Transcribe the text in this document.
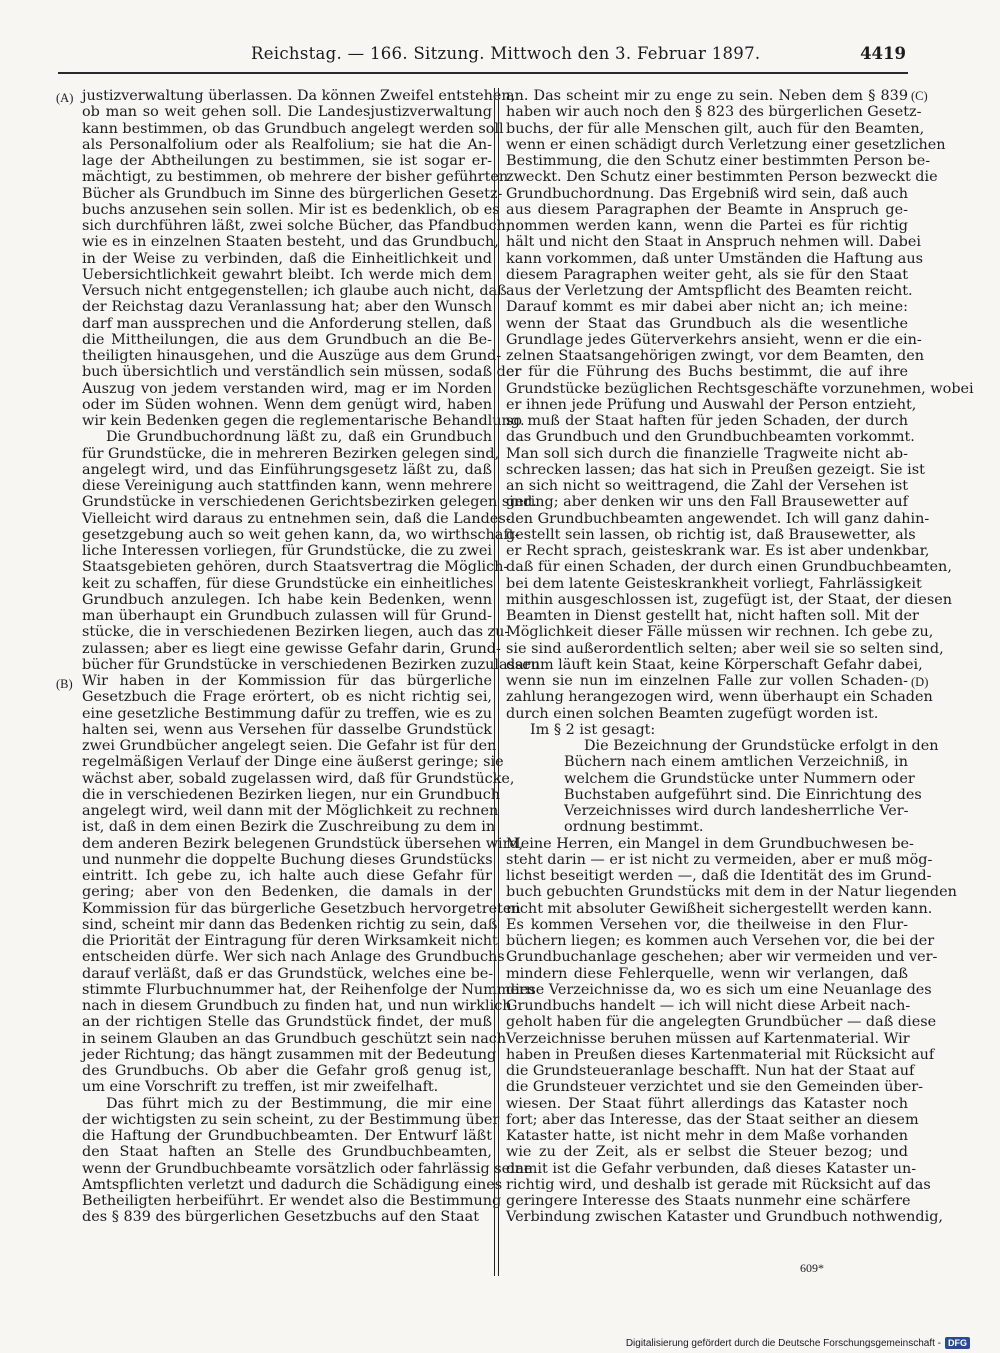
Reichstag. — 166. Sitzung. Mittwoch den 3. Februar 1897.	4419
(A)
(B)
(C)
(D)
justizverwaltung überlassen. Da können Zweifel entstehen,
ob man so weit gehen soll. Die Landesjustizverwaltung
kann bestimmen, ob das Grundbuch angelegt werden soll
als Personalfolium oder als Realfolium; sie hat die An-
lage der Abtheilungen zu bestimmen, sie ist sogar er-
mächtigt, zu bestimmen, ob mehrere der bisher geführten
Bücher als Grundbuch im Sinne des bürgerlichen Gesetz-
buchs anzusehen sein sollen. Mir ist es bedenklich, ob es
sich durchführen läßt, zwei solche Bücher, das Pfandbuch,
wie es in einzelnen Staaten besteht, und das Grundbuch,
in der Weise zu verbinden, daß die Einheitlichkeit und
Uebersichtlichkeit gewahrt bleibt. Ich werde mich dem
Versuch nicht entgegenstellen; ich glaube auch nicht, daß
der Reichstag dazu Veranlassung hat; aber den Wunsch
darf man aussprechen und die Anforderung stellen, daß
die Mittheilungen, die aus dem Grundbuch an die Be-
theiligten hinausgehen, und die Auszüge aus dem Grund-
buch übersichtlich und verständlich sein müssen, sodaß der
Auszug von jedem verstanden wird, mag er im Norden
oder im Süden wohnen. Wenn dem genügt wird, haben
wir kein Bedenken gegen die reglementarische Behandlung.
Die Grundbuchordnung läßt zu, daß ein Grundbuch
für Grundstücke, die in mehreren Bezirken gelegen sind,
angelegt wird, und das Einführungsgesetz läßt zu, daß
diese Vereinigung auch stattfinden kann, wenn mehrere
Grundstücke in verschiedenen Gerichtsbezirken gelegen sind.
Vielleicht wird daraus zu entnehmen sein, daß die Landes-
gesetzgebung auch so weit gehen kann, da, wo wirthschaft-
liche Interessen vorliegen, für Grundstücke, die zu zwei
Staatsgebieten gehören, durch Staatsvertrag die Möglich-
keit zu schaffen, für diese Grundstücke ein einheitliches
Grundbuch anzulegen. Ich habe kein Bedenken, wenn
man überhaupt ein Grundbuch zulassen will für Grund-
stücke, die in verschiedenen Bezirken liegen, auch das zu-
zulassen; aber es liegt eine gewisse Gefahr darin, Grund-
bücher für Grundstücke in verschiedenen Bezirken zuzulassen.
Wir haben in der Kommission für das bürgerliche
Gesetzbuch die Frage erörtert, ob es nicht richtig sei,
eine gesetzliche Bestimmung dafür zu treffen, wie es zu
halten sei, wenn aus Versehen für dasselbe Grundstück
zwei Grundbücher angelegt seien. Die Gefahr ist für den
regelmäßigen Verlauf der Dinge eine äußerst geringe; sie
wächst aber, sobald zugelassen wird, daß für Grundstücke,
die in verschiedenen Bezirken liegen, nur ein Grundbuch
angelegt wird, weil dann mit der Möglichkeit zu rechnen
ist, daß in dem einen Bezirk die Zuschreibung zu dem in
dem anderen Bezirk belegenen Grundstück übersehen wird,
und nunmehr die doppelte Buchung dieses Grundstücks
eintritt. Ich gebe zu, ich halte auch diese Gefahr für
gering; aber von den Bedenken, die damals in der
Kommission für das bürgerliche Gesetzbuch hervorgetreten
sind, scheint mir dann das Bedenken richtig zu sein, daß
die Priorität der Eintragung für deren Wirksamkeit nicht
entscheiden dürfe. Wer sich nach Anlage des Grundbuchs
darauf verläßt, daß er das Grundstück, welches eine be-
stimmte Flurbuchnummer hat, der Reihenfolge der Nummern
nach in diesem Grundbuch zu finden hat, und nun wirklich
an der richtigen Stelle das Grundstück findet, der muß
in seinem Glauben an das Grundbuch geschützt sein nach
jeder Richtung; das hängt zusammen mit der Bedeutung
des Grundbuchs. Ob aber die Gefahr groß genug ist,
um eine Vorschrift zu treffen, ist mir zweifelhaft.
Das führt mich zu der Bestimmung, die mir eine
der wichtigsten zu sein scheint, zu der Bestimmung über
die Haftung der Grundbuchbeamten. Der Entwurf läßt
den Staat haften an Stelle des Grundbuchbeamten,
wenn der Grundbuchbeamte vorsätzlich oder fahrlässig seine
Amtspflichten verletzt und dadurch die Schädigung eines
Betheiligten herbeiführt. Er wendet also die Bestimmung
des § 839 des bürgerlichen Gesetzbuchs auf den Staat
an. Das scheint mir zu enge zu sein. Neben dem § 839
haben wir auch noch den § 823 des bürgerlichen Gesetz-
buchs, der für alle Menschen gilt, auch für den Beamten,
wenn er einen schädigt durch Verletzung einer gesetzlichen
Bestimmung, die den Schutz einer bestimmten Person be-
zweckt. Den Schutz einer bestimmten Person bezweckt die
Grundbuchordnung. Das Ergebniß wird sein, daß auch
aus diesem Paragraphen der Beamte in Anspruch ge-
nommen werden kann, wenn die Partei es für richtig
hält und nicht den Staat in Anspruch nehmen will. Dabei
kann vorkommen, daß unter Umständen die Haftung aus
diesem Paragraphen weiter geht, als sie für den Staat
aus der Verletzung der Amtspflicht des Beamten reicht.
Darauf kommt es mir dabei aber nicht an; ich meine:
wenn der Staat das Grundbuch als die wesentliche
Grundlage jedes Güterverkehrs ansieht, wenn er die ein-
zelnen Staatsangehörigen zwingt, vor dem Beamten, den
er für die Führung des Buchs bestimmt, die auf ihre
Grundstücke bezüglichen Rechtsgeschäfte vorzunehmen, wobei
er ihnen jede Prüfung und Auswahl der Person entzieht,
so muß der Staat haften für jeden Schaden, der durch
das Grundbuch und den Grundbuchbeamten vorkommt.
Man soll sich durch die finanzielle Tragweite nicht ab-
schrecken lassen; das hat sich in Preußen gezeigt. Sie ist
an sich nicht so weittragend, die Zahl der Versehen ist
gering; aber denken wir uns den Fall Brausewetter auf
den Grundbuchbeamten angewendet. Ich will ganz dahin-
gestellt sein lassen, ob richtig ist, daß Brausewetter, als
er Recht sprach, geisteskrank war. Es ist aber undenkbar,
daß für einen Schaden, der durch einen Grundbuchbeamten,
bei dem latente Geisteskrankheit vorliegt, Fahrlässigkeit
mithin ausgeschlossen ist, zugefügt ist, der Staat, der diesen
Beamten in Dienst gestellt hat, nicht haften soll. Mit der
Möglichkeit dieser Fälle müssen wir rechnen. Ich gebe zu,
sie sind außerordentlich selten; aber weil sie so selten sind,
darum läuft kein Staat, keine Körperschaft Gefahr dabei,
wenn sie nun im einzelnen Falle zur vollen Schaden-
zahlung herangezogen wird, wenn überhaupt ein Schaden
durch einen solchen Beamten zugefügt worden ist.
Im § 2 ist gesagt:
Die Bezeichnung der Grundstücke erfolgt in den
Büchern nach einem amtlichen Verzeichniß, in
welchem die Grundstücke unter Nummern oder
Buchstaben aufgeführt sind. Die Einrichtung des
Verzeichnisses wird durch landesherrliche Ver-
ordnung bestimmt.
Meine Herren, ein Mangel in dem Grundbuchwesen be-
steht darin — er ist nicht zu vermeiden, aber er muß mög-
lichst beseitigt werden —, daß die Identität des im Grund-
buch gebuchten Grundstücks mit dem in der Natur liegenden
nicht mit absoluter Gewißheit sichergestellt werden kann.
Es kommen Versehen vor, die theilweise in den Flur-
büchern liegen; es kommen auch Versehen vor, die bei der
Grundbuchanlage geschehen; aber wir vermeiden und ver-
mindern diese Fehlerquelle, wenn wir verlangen, daß
diese Verzeichnisse da, wo es sich um eine Neuanlage des
Grundbuchs handelt — ich will nicht diese Arbeit nach-
geholt haben für die angelegten Grundbücher — daß diese
Verzeichnisse beruhen müssen auf Kartenmaterial. Wir
haben in Preußen dieses Kartenmaterial mit Rücksicht auf
die Grundsteueranlage beschafft. Nun hat der Staat auf
die Grundsteuer verzichtet und sie den Gemeinden über-
wiesen. Der Staat führt allerdings das Kataster noch
fort; aber das Interesse, das der Staat seither an diesem
Kataster hatte, ist nicht mehr in dem Maße vorhanden
wie zu der Zeit, als er selbst die Steuer bezog; und
damit ist die Gefahr verbunden, daß dieses Kataster un-
richtig wird, und deshalb ist gerade mit Rücksicht auf das
geringere Interesse des Staats nunmehr eine schärfere
Verbindung zwischen Kataster und Grundbuch nothwendig,
609*
Digitalisierung gefördert durch die Deutsche Forschungsgemeinschaft - DFG
